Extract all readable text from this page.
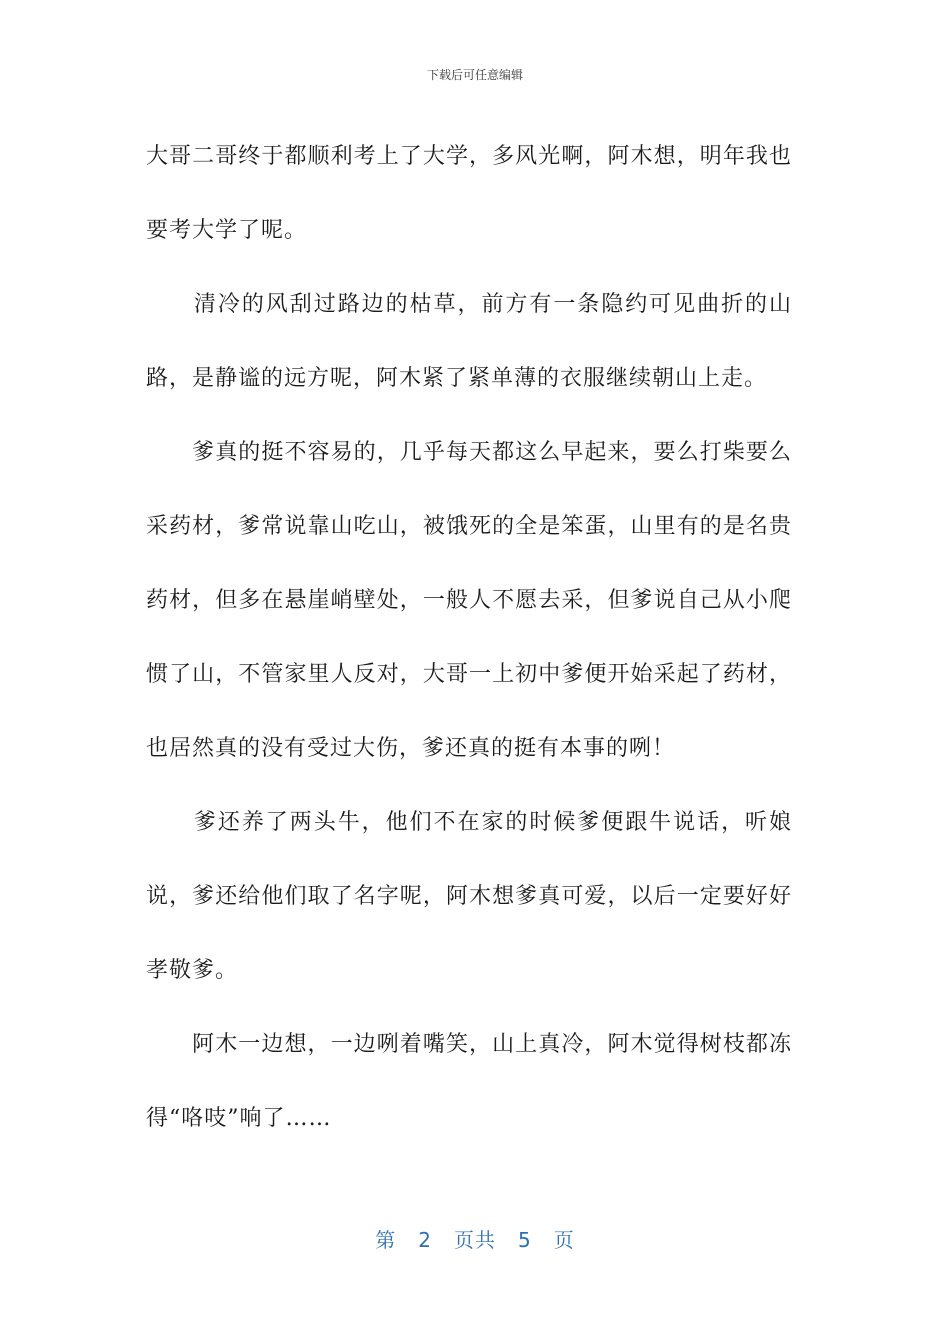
下载后可任意编辑

大哥二哥终于都顺利考上了大学，多风光啊，阿木想，明年我也要考大学了呢。

　　清冷的风刮过路边的枯草，前方有一条隐约可见曲折的山路，是静谧的远方呢，阿木紧了紧单薄的衣服继续朝山上走。

　　爹真的挺不容易的，几乎每天都这么早起来，要么打柴要么采药材，爹常说靠山吃山，被饿死的全是笨蛋，山里有的是名贵药材，但多在悬崖峭壁处，一般人不愿去采，但爹说自己从小爬惯了山，不管家里人反对，大哥一上初中爹便开始采起了药材，也居然真的没有受过大伤，爹还真的挺有本事的咧！

　　爹还养了两头牛，他们不在家的时候爹便跟牛说话，听娘说，爹还给他们取了名字呢，阿木想爹真可爱，以后一定要好好孝敬爹。

　　阿木一边想，一边咧着嘴笑，山上真冷，阿木觉得树枝都冻得“咯吱”响了……

第 2 页共 5 页
